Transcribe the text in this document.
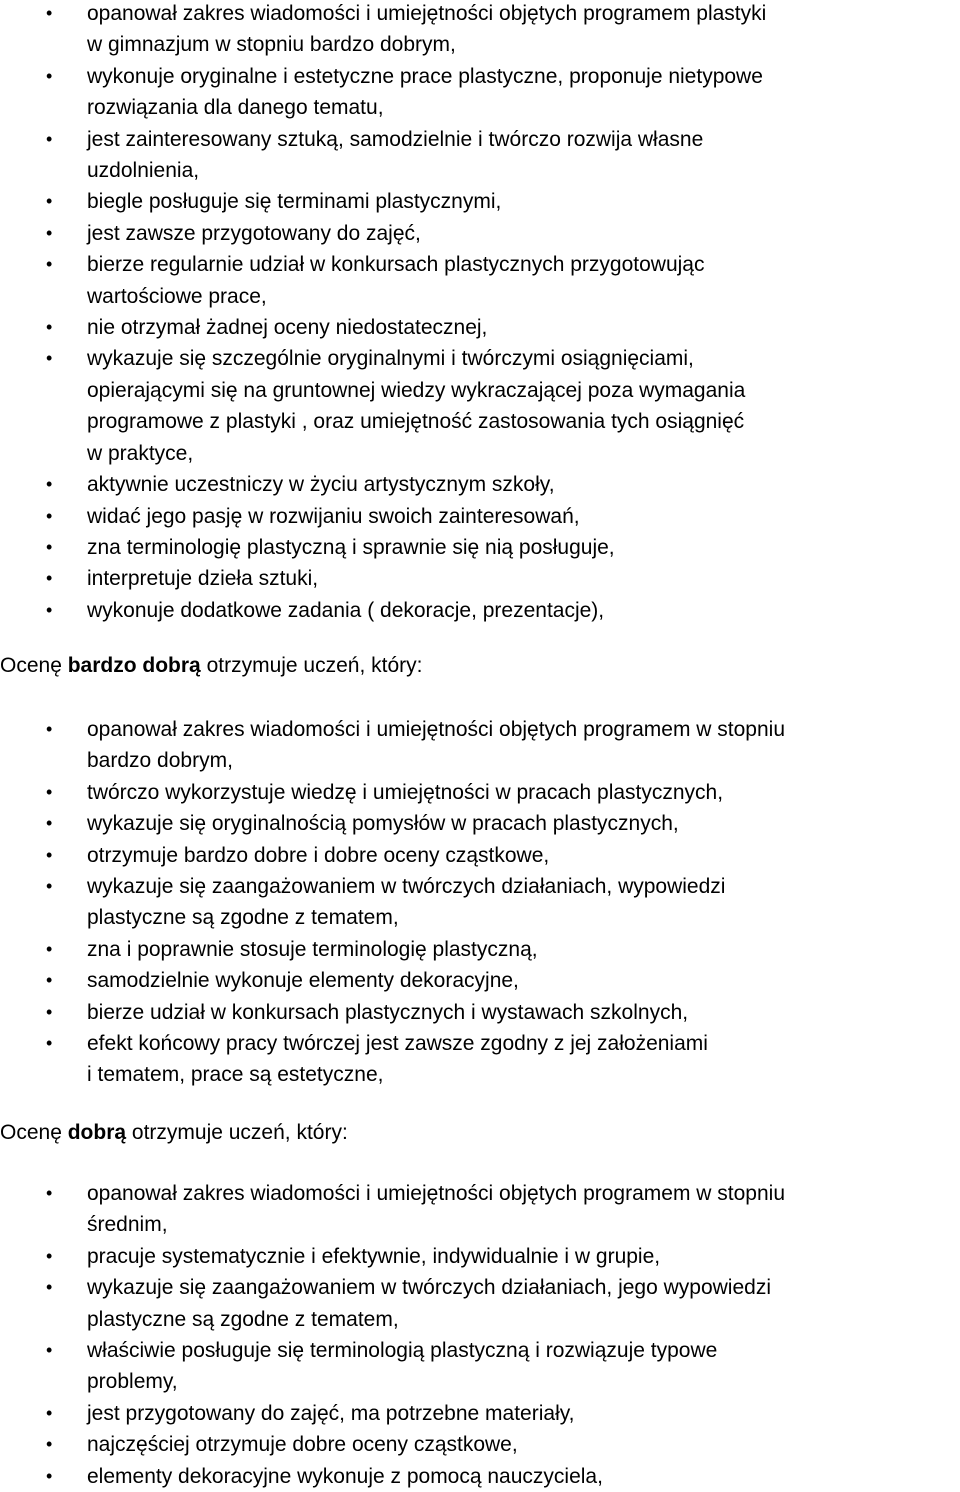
• opanował zakres wiadomości i umiejętności objętych programem plastyki
w gimnazjum w stopniu bardzo dobrym,
• wykonuje oryginalne i estetyczne prace plastyczne, proponuje nietypowe
rozwiązania dla danego tematu,
• jest zainteresowany sztuką, samodzielnie i twórczo rozwija własne
uzdolnienia,
• biegle posługuje się terminami plastycznymi,
• jest zawsze przygotowany do zajęć,
• bierze regularnie udział w konkursach plastycznych przygotowując
wartościowe prace,
• nie otrzymał żadnej oceny niedostatecznej,
• wykazuje się szczególnie oryginalnymi i twórczymi osiągnięciami,
opierającymi się na gruntownej wiedzy wykraczającej poza wymagania
programowe z plastyki , oraz umiejętność zastosowania tych osiągnięć
w praktyce,
• aktywnie uczestniczy w życiu artystycznym szkoły,
• widać jego pasję w rozwijaniu swoich zainteresowań,
• zna terminologię plastyczną i sprawnie się nią posługuje,
• interpretuje dzieła sztuki,
• wykonuje dodatkowe zadania ( dekoracje, prezentacje),
Ocenę bardzo dobrą otrzymuje uczeń, który:
• opanował zakres wiadomości i umiejętności objętych programem w stopniu
bardzo dobrym,
• twórczo wykorzystuje wiedzę i umiejętności w pracach plastycznych,
• wykazuje się oryginalnością pomysłów w pracach plastycznych,
• otrzymuje bardzo dobre i dobre oceny cząstkowe,
• wykazuje się zaangażowaniem w twórczych działaniach, wypowiedzi
plastyczne są zgodne z tematem,
• zna i poprawnie stosuje terminologię plastyczną,
• samodzielnie wykonuje elementy dekoracyjne,
• bierze udział w konkursach plastycznych i wystawach szkolnych,
• efekt końcowy pracy twórczej jest zawsze zgodny z jej założeniami
i tematem, prace są estetyczne,
Ocenę dobrą otrzymuje uczeń, który:
• opanował zakres wiadomości i umiejętności objętych programem w stopniu
średnim,
• pracuje systematycznie i efektywnie, indywidualnie i w grupie,
• wykazuje się zaangażowaniem w twórczych działaniach, jego wypowiedzi
plastyczne są zgodne z tematem,
• właściwie posługuje się terminologią plastyczną i rozwiązuje typowe
problemy,
• jest przygotowany do zajęć, ma potrzebne materiały,
• najczęściej otrzymuje dobre oceny cząstkowe,
• elementy dekoracyjne wykonuje z pomocą nauczyciela,
